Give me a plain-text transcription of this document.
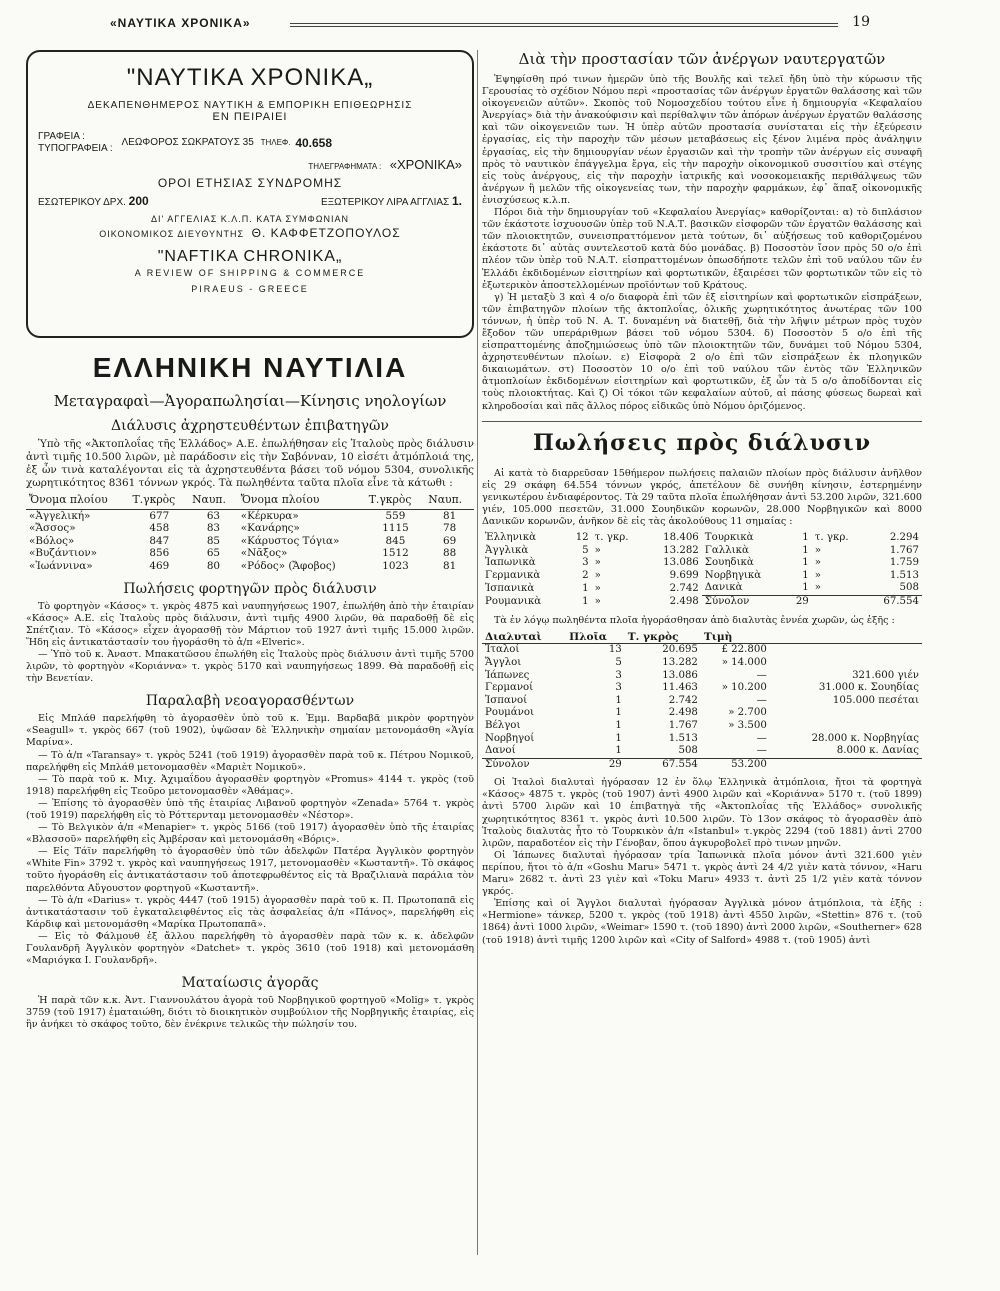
«ΝΑΥΤΙΚΑ ΧΡΟΝΙΚΑ»	19
"ΝΑΥΤΙΚΑ ΧΡΟΝΙΚΑ„
ΔΕΚΑΠΕΝΘΗΜΕΡΟΣ ΝΑΥΤΙΚΗ & ΕΜΠΟΡΙΚΗ ΕΠΙΘΕΩΡΗΣΙΣ
ΕΝ ΠΕΙΡΑΙΕΙ
ΓΡΑΦΕΙΑ :
ΤΥΠΟΓΡΑΦΕΙΑ : ΛΕΩΦΟΡΟΣ ΣΩΚΡΑΤΟΥΣ 35 ΤΗΛΕΦ. 40.658
ΤΗΛΕΓΡΑΦΗΜΑΤΑ : «ΧΡΟΝΙΚΑ»
ΟΡΟΙ ΕΤΗΣΙΑΣ ΣΥΝΔΡΟΜΗΣ
ΕΣΩΤΕΡΙΚΟΥ ΔΡΧ. 200	ΕΞΩΤΕΡΙΚΟΥ ΛΙΡΑ ΑΓΓΛΙΑΣ 1.
ΔΙ' ΑΓΓΕΛΙΑΣ Κ.Λ.Π. ΚΑΤΑ ΣΥΜΦΩΝΙΑΝ
ΟΙΚΟΝΟΜΙΚΟΣ ΔΙΕΥΘΥΝΤΗΣ Θ. ΚΑΦΦΕΤΖΟΠΟΥΛΟΣ
"NAFTIKA CHRONIKA„
A REVIEW OF SHIPPING & COMMERCE
PIRAEUS - GREECE
ΕΛΛΗΝΙΚΗ ΝΑΥΤΙΛΙΑ
Μεταγραφαὶ—Ἀγοραπωλησίαι—Κίνησις νηολογίων
Διάλυσις ἀχρηστευθέντων ἐπιβατηγῶν

Ὑπὸ τῆς «Ἀκτοπλοΐας τῆς Ἑλλάδος» Α.Ε. ἐπωλήθησαν εἰς Ἰταλοὺς πρὸς διάλυσιν ἀντὶ τιμῆς 10.500 λιρῶν, μὲ παράδοσιν εἰς τὴν Σαβόνναν, 10 εἰσέτι ἀτμόπλοιά της, ἐξ ὧν τινὰ καταλέγονται εἰς τὰ ἀχρηστευθέντα βάσει τοῦ νόμου 5304, συνολικῆς χωρητικότητος 8361 τόννων γκρός. Τὰ πωληθέντα ταῦτα πλοῖα εἶνε τὰ κάτωθι :

Ὄνομα πλοίου	Τ.γκρὸς	Ναυπ.	Ὄνομα πλοίου	Τ.γκρὸς	Ναυπ.
«Ἀγγελική»	677	63	«Κέρκυρα»	559	81
«Ἄσσος»	458	83	«Κανάρης»	1115	78
«Βόλος»	847	85	«Κάρυστος Τόγια»	845	69
«Βυζάντιον»	856	65	«Νᾶξος»	1512	88
«Ἰωάννινα»	469	80	«Ρόδος» (Ἄφοβος)	1023	81
Πωλήσεις φορτηγῶν πρὸς διάλυσιν

Τὸ φορτηγὸν «Κάσος» τ. γκρὸς 4875 καὶ ναυπηγήσεως 1907, ἐπωλήθη ἀπὸ τὴν ἑταιρίαν «Κάσος» Α.Ε. εἰς Ἰταλοὺς πρὸς διάλυσιν, ἀντὶ τιμῆς 4900 λιρῶν, θὰ παραδοθῇ δὲ εἰς Σπέτζιαν. Τὸ «Κάσος» εἶχεν ἀγορασθῇ τὸν Μάρτιον τοῦ 1927 ἀντὶ τιμῆς 15.000 λιρῶν. Ἤδη εἰς ἀντικατάστασίν του ἠγοράσθη τὸ ἀ/π «Elveric».

— Ὑπὸ τοῦ κ. Ἀναστ. Μπακατῶσου ἐπωλήθη εἰς Ἰταλοὺς πρὸς διάλυσιν ἀντὶ τιμῆς 5700 λιρῶν, τὸ φορτηγὸν «Κοριάννα» τ. γκρὸς 5170 καὶ ναυπηγήσεως 1899. Θὰ παραδοθῇ εἰς τὴν Βενετίαν.

Παραλαβὴ νεοαγορασθέντων

Εἰς Μπλάθ παρελήφθη τὸ ἀγορασθὲν ὑπὸ τοῦ κ. Ἐμμ. Βαρδαβᾶ μικρὸν φορτηγὸν «Seagull» τ. γκρὸς 667 (τοῦ 1902), ὑψῶσαν δὲ Ἑλληνικὴν σημαίαν μετονομάσθη «Ἁγία Μαρίνα».

— Τὸ ἀ/π «Taransay» τ. γκρὸς 5241 (τοῦ 1919) ἀγορασθὲν παρὰ τοῦ κ. Πέτρου Νομικοῦ, παρελήφθη εἰς Μπλάθ μετονομασθὲν «Μαριὲτ Νομικοῦ».

— Τὸ παρὰ τοῦ κ. Μιχ. Ἀχιμαΐδου ἀγορασθὲν φορτηγὸν «Promus» 4144 τ. γκρὸς (τοῦ 1918) παρελήφθη εἰς Τεοῦρο μετονομασθὲν «Ἀθάμας».

— Ἐπίσης τὸ ἀγορασθὲν ὑπὸ τῆς ἑταιρίας Λιβανοῦ φορτηγὸν «Zenada» 5764 τ. γκρὸς (τοῦ 1919) παρελήφθη εἰς τὸ Ρόττερνταμ μετονομασθὲν «Νέστορ».

— Τὸ Βελγικὸν ἀ/π «Menapier» τ. γκρὸς 5166 (τοῦ 1917) ἀγορασθὲν ὑπὸ τῆς ἑταιρίας «Βλασσοῦ» παρελήφθη εἰς Ἀμβέρσαν καὶ μετονομάσθη «Βόρις».

— Εἰς Τάϊν παρελήφθη τὸ ἀγορασθὲν ὑπὸ τῶν ἀδελφῶν Πατέρα Ἀγγλικὸν φορτηγὸν «White Fin» 3792 τ. γκρὸς καὶ ναυπηγήσεως 1917, μετονομασθὲν «Κωσταντῆ». Τὸ σκάφος τοῦτο ἠγοράσθη εἰς ἀντικατάστασιν τοῦ ἀποτεφρωθέντος εἰς τὰ Βραζιλιανὰ παράλια τὸν παρελθόντα Αὔγουστον φορτηγοῦ «Κωσταντῆ».

— Τὸ ἀ/π «Darius» τ. γκρὸς 4447 (τοῦ 1915) ἀγορασθὲν παρὰ τοῦ κ. Π. Πρωτοπαπᾶ εἰς ἀντικατάστασιν τοῦ ἐγκαταλειφθέντος εἰς τὰς ἀσφαλείας ἀ/π «Πάνος», παρελήφθη εἰς Κάρδιφ καὶ μετονομάσθη «Μαρίκα Πρωτοπαπᾶ».

— Εἰς τὸ Φάλμουθ ἐξ ἄλλου παρελήφθη τὸ ἀγορασθὲν παρὰ τῶν κ. κ. ἀδελφῶν Γουλανδρῆ Ἀγγλικὸν φορτηγὸν «Datchet» τ. γκρὸς 3610 (τοῦ 1918) καὶ μετονομάσθη «Μαριόγκα Ι. Γουλανδρῆ».

Ματαίωσις ἀγορᾶς

Ἡ παρὰ τῶν κ.κ. Ἀντ. Γιαννουλάτου ἀγορὰ τοῦ Νορβηγικοῦ φορτηγοῦ «Molig» τ. γκρὸς 3759 (τοῦ 1917) ἐματαιώθη, διότι τὸ διοικητικὸν συμβούλιον τῆς Νορβηγικῆς ἑταιρίας, εἰς ἣν ἀνήκει τὸ σκάφος τοῦτο, δὲν ἐνέκρινε τελικῶς τὴν πώλησίν του.

Διὰ τὴν προστασίαν τῶν ἀνέργων ναυτεργατῶν

Ἐψηφίσθη πρό τινων ἡμερῶν ὑπὸ τῆς Βουλῆς καὶ τελεῖ ἤδη ὑπὸ τὴν κύρωσιν τῆς Γερουσίας τὸ σχέδιον Νόμου περὶ «προστασίας τῶν ἀνέργων ἐργατῶν θαλάσσης καὶ τῶν οἰκογενειῶν αὐτῶν». Σκοπὸς τοῦ Νομοσχεδίου τούτου εἶνε ἡ δημιουργία «Κεφαλαίου Ἀνεργίας» διὰ τὴν ἀνακούφισιν καὶ περίθαλψιν τῶν ἀπόρων ἀνέργων ἐργατῶν θαλάσσης καὶ τῶν οἰκογενειῶν των. Ἡ ὑπὲρ αὐτῶν προστασία συνίσταται εἰς τὴν ἐξεύρεσιν ἐργασίας, εἰς τὴν παροχὴν τῶν μέσων μεταβάσεως εἰς ξένον λιμένα πρὸς ἀνάληψιν ἐργασίας, εἰς τὴν δημιουργίαν νέων ἐργασιῶν καὶ τὴν τροπὴν τῶν ἀνέργων εἰς συναφῆ πρὸς τὸ ναυτικὸν ἐπάγγελμα ἔργα, εἰς τὴν παροχὴν οἰκονομικοῦ συσσιτίου καὶ στέγης εἰς τοὺς ἀνέργους, εἰς τὴν παροχὴν ἰατρικῆς καὶ νοσοκομειακῆς περιθάλψεως τῶν ἀνέργων ἢ μελῶν τῆς οἰκογενείας των, τὴν παροχὴν φαρμάκων, ἐφ᾽ ἅπαξ οἰκονομικῆς ἐνισχύσεως κ.λ.π.

Πόροι διὰ τὴν δημιουργίαν τοῦ «Κεφαλαίου Ἀνεργίας» καθορίζονται: α) τὸ διπλάσιον τῶν ἑκάστοτε ἰσχυουσῶν ὑπὲρ τοῦ Ν.Α.Τ. βασικῶν εἰσφορῶν τῶν ἐργατῶν θαλάσσης καὶ τῶν πλοιοκτητῶν, συνεισπραττόμενον μετὰ τούτων, δι᾽ αὐξήσεως τοῦ καθοριζομένου ἑκάστοτε δι᾽ αὐτὰς συντελεστοῦ κατὰ δύο μονάδας. β) Ποσοστὸν ἴσον πρὸς 50 ο/ο ἐπὶ πλέον τῶν ὑπὲρ τοῦ Ν.Α.Τ. εἰσπραττομένων ὁπωσδήποτε τελῶν ἐπὶ τοῦ ναύλου τῶν ἐν Ἑλλάδι ἐκδιδομένων εἰσιτηρίων καὶ φορτωτικῶν, ἐξαιρέσει τῶν φορτωτικῶν τῶν εἰς τὸ ἐξωτερικὸν ἀποστελλομένων προϊόντων τοῦ Κράτους.

γ) Ἡ μεταξὺ 3 καὶ 4 ο/ο διαφορὰ ἐπὶ τῶν ἐξ εἰσιτηρίων καὶ φορτωτικῶν εἰσπράξεων, τῶν ἐπιβατηγῶν πλοίων τῆς ἀκτοπλοΐας, ὁλικῆς χωρητικότητος ἀνωτέρας τῶν 100 τόννων, ἡ ὑπὲρ τοῦ Ν. Α. Τ. δυναμένη νὰ διατεθῇ, διὰ τὴν λῆψιν μέτρων πρὸς τυχὸν ἔξοδον τῶν υπεράριθμων βάσει τοῦ νόμου 5304. δ) Ποσοστὸν 5 ο/ο ἐπὶ τῆς εἰσπραττομένης ἀποζημιώσεως ὑπὸ τῶν πλοιοκτητῶν τῶν, δυνάμει τοῦ Νόμου 5304, ἀχρηστευθέντων πλοίων. ε) Εἰσφορὰ 2 ο/ο ἐπὶ τῶν εἰσπράξεων ἐκ πλοηγικῶν δικαιωμάτων. στ) Ποσοστὸν 10 ο/ο ἐπὶ τοῦ ναύλου τῶν ἐντὸς τῶν Ἑλληνικῶν ἀτμοπλοίων ἐκδιδομένων εἰσιτηρίων καὶ φορτωτικῶν, ἐξ ὧν τὰ 5 ο/ο ἀποδίδονται εἰς τοὺς πλοιοκτήτας. Καὶ ζ) Οἱ τόκοι τῶν κεφαλαίων αὐτοῦ, αἱ πάσης φύσεως δωρεαὶ καὶ κληροδοσίαι καὶ πᾶς ἄλλος πόρος εἰδικῶς ὑπὸ Νόμου ὁριζόμενος.

Πωλήσεις πρὸς διάλυσιν

Αἱ κατὰ τὸ διαρρεῦσαν 15θήμερον πωλήσεις παλαιῶν πλοίων πρὸς διάλυσιν ἀνῆλθον εἰς 29 σκάφη 64.554 τόννων γκρός, ἀπετέλουν δὲ συνήθη κίνησιν, ἐστερημένην γενικωτέρου ἐνδιαφέροντος. Τὰ 29 ταῦτα πλοῖα ἐπωλήθησαν ἀντὶ 53.200 λιρῶν, 321.600 γιέν, 105.000 πεσετῶν, 31.000 Σουηδικῶν κορωνῶν, 28.000 Νορβηγικῶν καὶ 8000 Δανικῶν κορωνῶν, ἀνῆκον δὲ εἰς τὰς ἀκολούθους 11 σημαίας :

Ἑλληνικὰ	12	τ. γκρ.	18.406	Τουρκικὰ	1	τ. γκρ.	2.294
Ἀγγλικὰ	5	»	13.282	Γαλλικὰ	1	»	1.767
Ἰαπωνικὰ	3	»	13.086	Σουηδικὰ	1	»	1.759
Γερμανικὰ	2	»	9.699	Νορβηγικὰ	1	»	1.513
Ἰσπανικὰ	1	»	2.742	Δανικὰ	1	»	508
Ρουμανικὰ	1	»	2.498	Σύνολον	29		67.554

Τὰ ἐν λόγῳ πωληθέντα πλοῖα ἠγοράσθησαν ἀπὸ διαλυτὰς ἐννέα χωρῶν, ὡς ἑξῆς :

Διαλυταὶ	Πλοῖα	Τ. γκρὸς	Τιμὴ	
Ἰταλοί	13	20.695	£ 22.800	
Ἄγγλοι	5	13.282	» 14.000	
Ἰάπωνες	3	13.086	—	321.600 γιέν
Γερμανοί	3	11.463	» 10.200	31.000 κ. Σουηδίας
Ἰσπανοί	1	2.742	—	105.000 πεσέται
Ρουμάνοι	1	2.498	» 2.700	
Βέλγοι	1	1.767	» 3.500	
Νορβηγοί	1	1.513	—	28.000 κ. Νορβηγίας
Δανοί	1	508	—	8.000 κ. Δανίας
Σύνολον	29	67.554	53.200	

Οἱ Ἰταλοὶ διαλυταὶ ἠγόρασαν 12 ἐν ὅλῳ Ἑλληνικὰ ἀτμόπλοια, ἤτοι τὰ φορτηγὰ «Κάσος» 4875 τ. γκρὸς (τοῦ 1907) ἀντὶ 4900 λιρῶν καὶ «Κοριάννα» 5170 τ. (τοῦ 1899) ἀντὶ 5700 λιρῶν καὶ 10 ἐπιβατηγὰ τῆς «Ἀκτοπλοΐας τῆς Ἑλλάδος» συνολικῆς χωρητικότητος 8361 τ. γκρὸς ἀντὶ 10.500 λιρῶν. Τὸ 13ον σκάφος τὸ ἀγορασθὲν ἀπὸ Ἰταλοὺς διαλυτὰς ἦτο τὸ Τουρκικὸν ἀ/π «Istanbul» τ.γκρὸς 2294 (τοῦ 1881) ἀντὶ 2700 λιρῶν, παραδοτέον εἰς τὴν Γένοβαν, ὅπου ἀγκυροβολεῖ πρὸ τινων μηνῶν.

Οἱ Ἰάπωνες διαλυταὶ ἠγόρασαν τρία Ἰαπωνικὰ πλοῖα μόνον ἀντὶ 321.600 γιὲν περίπου, ἤτοι τὸ ἀ/π «Goshu Maru» 5471 τ. γκρὸς ἀντὶ 24 4/2 γιὲν κατὰ τόννον, «Haru Maru» 2682 τ. ἀντὶ 23 γιὲν καὶ «Toku Maru» 4933 τ. ἀντὶ 25 1/2 γιὲν κατὰ τόννον γκρός.

Ἐπίσης καὶ οἱ Ἄγγλοι διαλυταὶ ἠγόρασαν Ἀγγλικὰ μόνον ἀτμόπλοια, τὰ ἑξῆς : «Hermione» τάνκερ, 5200 τ. γκρὸς (τοῦ 1918) ἀντὶ 4550 λιρῶν, «Stettin» 876 τ. (τοῦ 1864) ἀντὶ 1000 λιρῶν, «Weimar» 1590 τ. (τοῦ 1890) ἀντὶ 2000 λιρῶν, «Southerner» 628 (τοῦ 1918) ἀντὶ τιμῆς 1200 λιρῶν καὶ «City of Salford» 4988 τ. (τοῦ 1905) ἀντὶ
